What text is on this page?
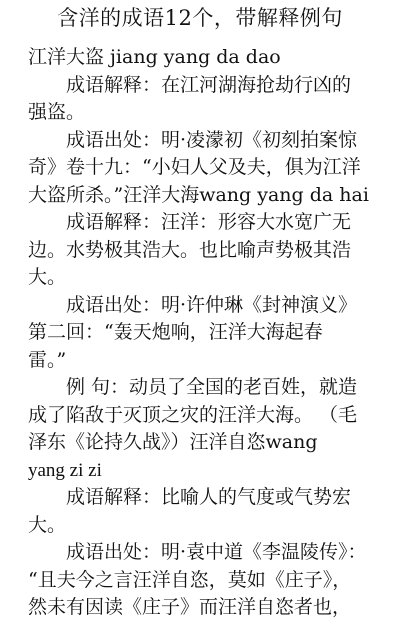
含洋的成语12个，带解释例句
江洋大盗 jiang yang da dao
成语解释：在江河湖海抢劫行凶的
强盗。
成语出处：明·凌濛初《初刻拍案惊
奇》卷十九：“小妇人父及夫，俱为江洋
大盗所杀。”汪洋大海wang yang da hai
成语解释：汪洋：形容大水宽广无
边。水势极其浩大。也比喻声势极其浩
大。
成语出处：明·许仲琳《封神演义》
第二回：“轰天炮响，汪洋大海起春
雷。”
例 句：动员了全国的老百姓，就造
成了陷敌于灭顶之灾的汪洋大海。 （毛
泽东《论持久战》）汪洋自恣wang
yang zi zi
成语解释：比喻人的气度或气势宏
大。
成语出处：明·袁中道《李温陵传》：
“且夫今之言汪洋自恣，莫如《庄子》，
然未有因读《庄子》而汪洋自恣者也，
